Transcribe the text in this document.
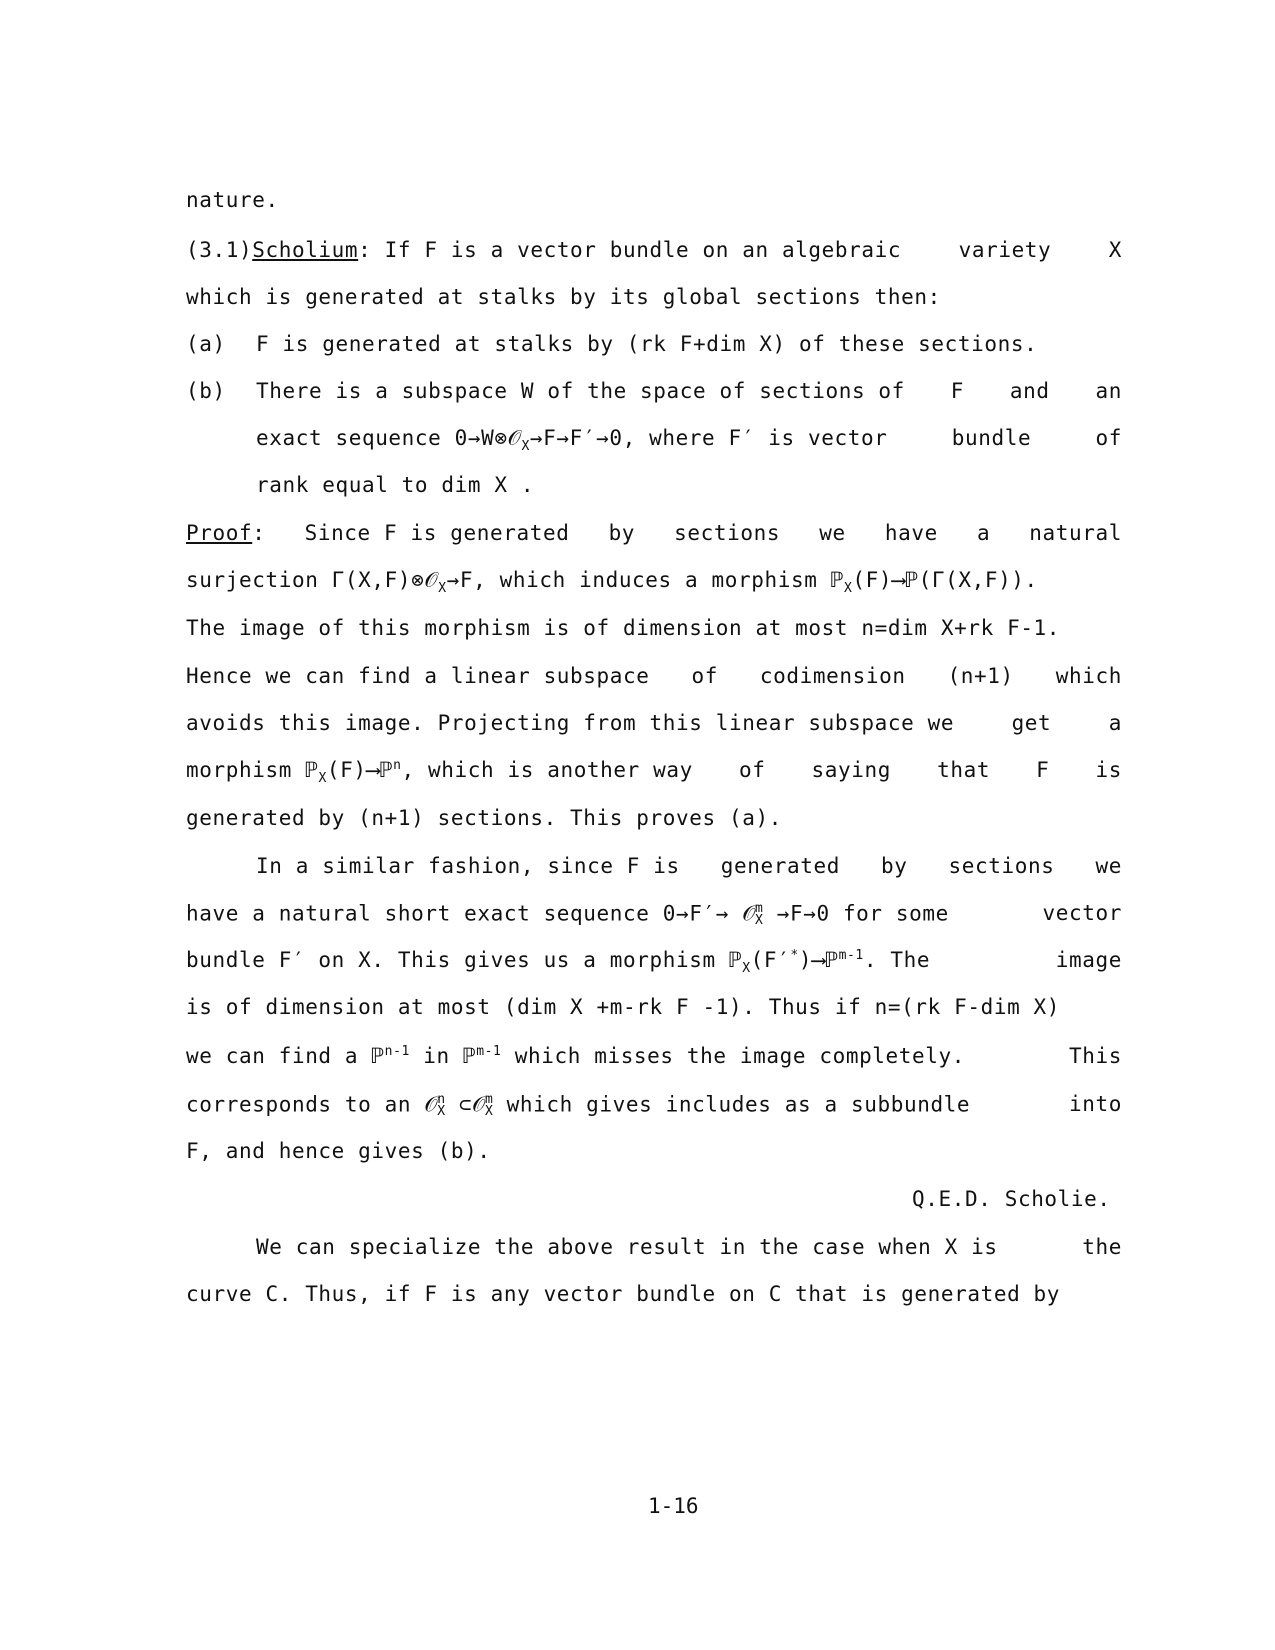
nature.
(3.1)Scholium: If F is a vector bundle on an algebraic	variety	X
which is generated at stalks by its global sections then:
(a) F is generated at stalks by (rk F+dim X) of these sections.
(b) There is a subspace W of the space of sections of F and an
exact sequence 0→W⊗𝒪$_X$→F→F′→0, where F′ is vector	bundle	of
rank equal to dim X .
Proof: Since F is generated by sections we have a natural
surjection Γ(X,F)⊗𝒪$_X$→F, which induces a morphism ℙ$_X$(F)⟶ℙ(Γ(X,F)).
The image of this morphism is of dimension at most n=dim X+rk F-1.
Hence we can find a linear subspace of codimension (n+1) which
avoids this image. Projecting from this linear subspace we	get	a
morphism ℙ$_X$(F)⟶ℙ$^n$, which is another way of saying that F is
generated by (n+1) sections. This proves (a).
In a similar fashion, since F is generated by sections we
have a natural short exact sequence 0→F′→ 𝒪 m
X →F→0 for some	vector
bundle F′ on X. This gives us a morphism ℙ$_X$(F′*)⟶ℙ$^{m-1}$. The	image
is of dimension at most (dim X +m-rk F -1). Thus if n=(rk F-dim X)
we can find a ℙ$^{n-1}$ in ℙ$^{m-1}$ which misses the image completely.	This
corresponds to an 𝒪 n
X ⊂𝒪 m
X which gives includes as a subbundle	into
F, and hence gives (b).
Q.E.D. Scholie.
We can specialize the above result in the case when X is	the
curve C. Thus, if F is any vector bundle on C that is generated by
1-16
